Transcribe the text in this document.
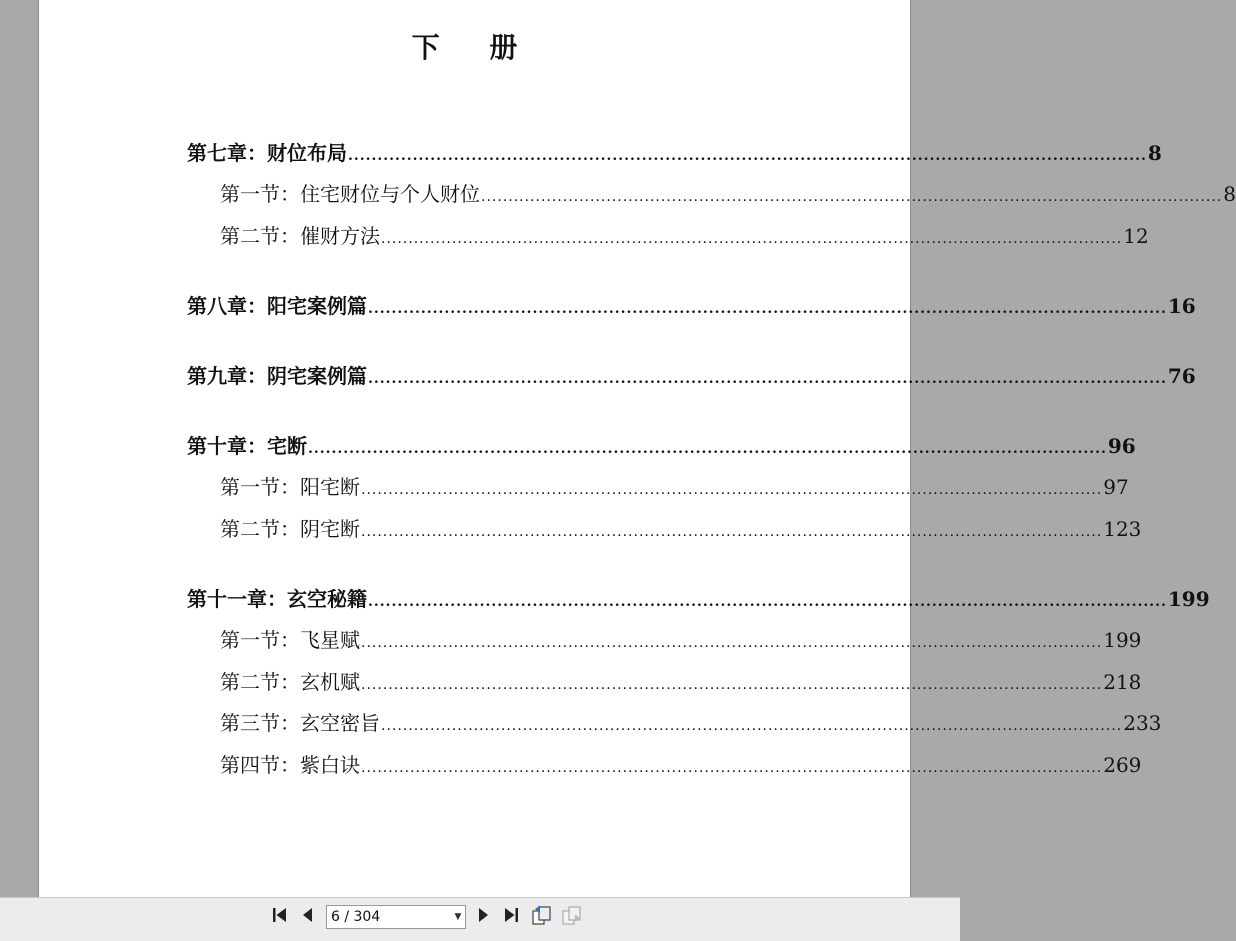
下 册
第七章：财位布局 ........................................................................................................................................ 8
第一节：住宅财位与个人财位 ........................................................................................................................................ 8
第二节：催财方法 ........................................................................................................................................ 12
第八章：阳宅案例篇 ........................................................................................................................................ 16
第九章：阴宅案例篇 ........................................................................................................................................ 76
第十章：宅断 ........................................................................................................................................ 96
第一节：阳宅断 ........................................................................................................................................ 97
第二节：阴宅断 ........................................................................................................................................ 123
第十一章：玄空秘籍 ........................................................................................................................................ 199
第一节：飞星赋 ........................................................................................................................................ 199
第二节：玄机赋 ........................................................................................................................................ 218
第三节：玄空密旨 ........................................................................................................................................ 233
第四节：紫白诀 ........................................................................................................................................ 269
6 / 304	▼
